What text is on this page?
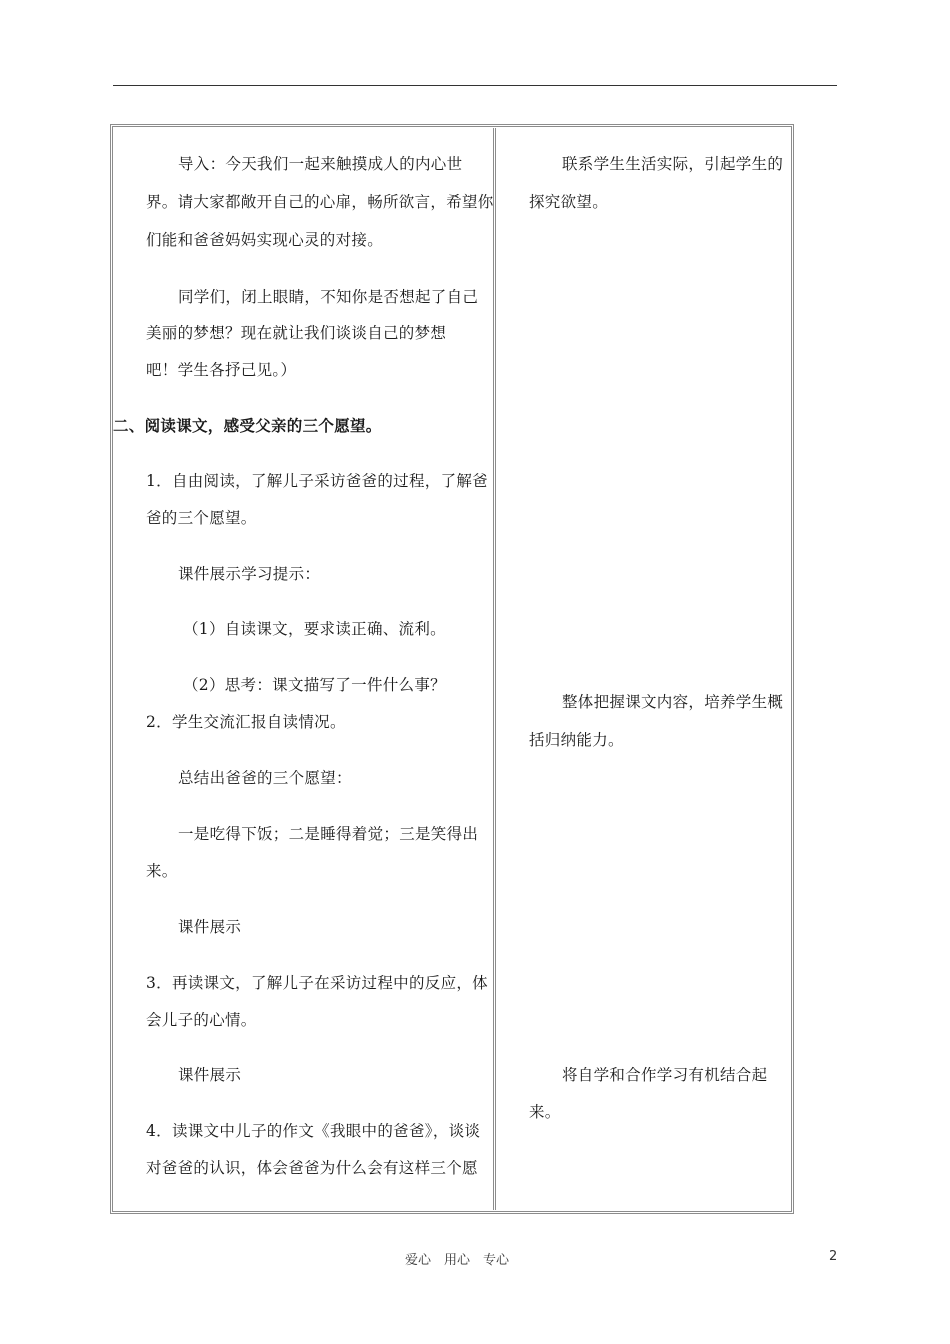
导入：今天我们一起来触摸成人的内心世
界。请大家都敞开自己的心扉，畅所欲言，希望你
们能和爸爸妈妈实现心灵的对接。
同学们，闭上眼睛，不知你是否想起了自己
美丽的梦想？现在就让我们谈谈自己的梦想
吧！学生各抒己见。）
二、阅读课文，感受父亲的三个愿望。
1．自由阅读，了解儿子采访爸爸的过程，了解爸
爸的三个愿望。
课件展示学习提示：
（1）自读课文，要求读正确、流利。
（2）思考：课文描写了一件什么事？
2．学生交流汇报自读情况。
总结出爸爸的三个愿望：
一是吃得下饭；二是睡得着觉；三是笑得出
来。
课件展示
3．再读课文，了解儿子在采访过程中的反应，体
会儿子的心情。
课件展示
4．读课文中儿子的作文《我眼中的爸爸》，谈谈
对爸爸的认识，体会爸爸为什么会有这样三个愿
联系学生生活实际，引起学生的
探究欲望。
整体把握课文内容，培养学生概
括归纳能力。
将自学和合作学习有机结合起
来。
爱心　用心　专心	2
